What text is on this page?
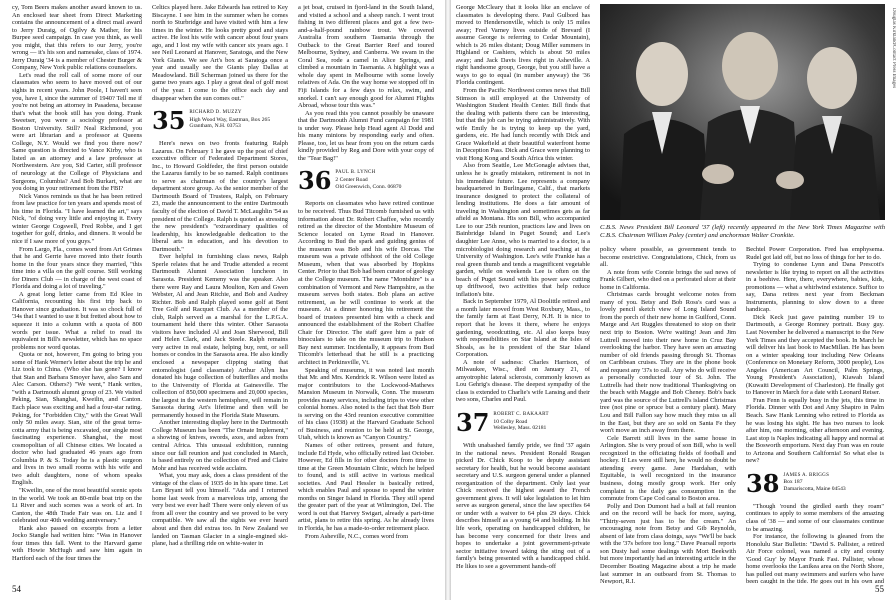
cy, Tom Beers makes another award known to us. An enclosed tear sheet from Direct Marketing contains the announcement of a direct mail award to Jerry Duraig, of Ogilvy & Mather, for his Burpee seed campaign. In case you think, as well you might, that this refers to our Jerry, you're wrong — it's his son and namesake, class of 1974. Jerry Duraig '34 is a member of Chester Burger & Company, New York public relations counselors.

Let's read the roll call of some more of our classmates who seem to have moved out of our sights in recent years. John Poole, I haven't seen you, have I, since the summer of 1940? Tell me if you're not being an attorney in Pasadena, because that's what the book still has you doing. Frank Sweetser, you were a sociology professor at Boston University. Still? Neal Richmond, you were art librarian and a professor at Queens College, N.Y. Would we find you there now? Same question is directed to Vance Kirby, who is listed as an attorney and a law professor at Northwestern. Are you, Sid Carter, still professor of neurology at the College of Physicians and Surgeons, Columbia? And Bob Burkart, what are you doing in your retirement from the FBI?

Nick Vanos reminds us that he has been retired from law practice for ten years and spends most of his time in Florida. "I have learned the art," says Nick, "of doing very little and enjoying it. Every winter George Cogswell, Fred Robbe, and I get together for golf, drinks, and dinners. It would be nice if I saw more of you guys."

From Largo, Fla., comes word from Art Grimes that he and Gerrie have moved into their fourth home in the four years since they married, "this time into a villa on the golf course. Still working for Diners Club — in charge of the west coast of Florida and doing a lot of traveling."

A great long letter came from Ed Klee in California, recounting his first trip back to Hanover since graduation. It was so chock full of '34s that I wanted to use it but fretted about how to squeeze it into a column with a quota of 800 words per issue. What a relief to read its equivalent in Bill's newsletter, which has no space problems nor word quotas.

Quota or not, however, I'm going to bring you some of Hank Werner's letter about the trip he and Liz took to China. (Who else has gone? I know that Stan and Barbara Smoyer have, also Sam and Alec Carson. Others?) "We went," Hank writes, "with a Dartmouth alumni group of 23. We visited Peking, Sian, Shanghai, Kweilin, and Canton. Each place was exciting and had a four-star rating. Peking, for "Forbidden City," with the Great Wall only 50 miles away. Sian, site of the great terra-cotta army that is being excavated, our single most fascinating experience. Shanghai, the most cosmopolitan of all Chinese cities. We located a doctor who had graduated 46 years ago from Columbia P. & S. Today he is a plastic surgeon and lives in two small rooms with his wife and two adult daughters, none of whom speaks English.

"Kweilin, one of the most beautiful scenic spots in the world. We took an 80-mile boat trip on the Li River and such scenes was a work of art. In Canton, the 48th Trade Fair was on. Liz and I celebrated our 40th wedding anniversary."

Hank also passed on excerpts from a letter Jocko Stangle had written him: "Was in Hanover four times this fall. Went to the Harvard game with Howie McHugh and saw him again in Hartford each of the four times the

Celtics played here. Jake Edwards has retired to Key Biscayne. I see him in the summer when he comes north to Sturbridge and have visited with him a few times in the winter. He looks pretty good and stays active. He lost his wife with cancer about four years ago, and I lost my wife with cancer six years ago. I see Neil Leonard at Hanover, Saratoga, and the New York Giants. We see Art's box at Saratoga once a year and usually see the Giants play Dallas at Meadowland. Bill Scherman joined us there for the game two years ago. I play a great deal of golf most of the year. I come to the office each day and disappear when the sun comes out."

35 RICHARD D. MUZZY
High Wood Way, Eastman, Box 265
Grantham, N.H. 03753

Here's news on two fronts featuring Ralph Lazarus. On February 1 he gave up the post of chief executive officer of Federated Department Stores, Inc., to Howard Goldfeder, the first person outside the Lazarus family to be so named. Ralph continues to serve as chairman of the country's largest department store group. As the senior member of the Dartmouth Board of Trustees, Ralph, on February 23, made the announcement to the entire Dartmouth faculty of the election of David T. McLaughlin '54 as president of the College. Ralph is quoted as stressing the new president's "extraordinary qualities of leadership, his knowledgeable dedication to the liberal arts in education, and his devotion to Dartmouth."

Ever helpful in furnishing class news, Ralph Sperle relates that he and Trudie attended a recent Dartmouth Alumni Association luncheon in Sarasota. President Kemeny was the speaker. Also there were Ray and Laura Moulton, Ken and Gwen Webster, Al and Jean Ritchie, and Bob and Audrey Richter. Bob and Ralph played some golf at Bent Tree Golf and Racquet Club. As a member of the club, Ralph served as a marshal for the L.P.G.A. tournament held there this winter. Other Sarasota visitors have included Al and Joan Sherwood, Bill and Helen Clark, and Jack Steele. Ralph remains very active in real estate, helping buy, rent, or sell homes or condos in the Sarasota area. He also kindly enclosed a newspaper clipping stating that entomologist (and classmate) Arthur Allyn has donated his huge collection of butterflies and moths to the University of Florida at Gainesville. The collection of 850,000 specimens and 20,000 species, the largest in the western hemisphere, will remain in Sarasota during Art's lifetime and then will be permanently housed in the Florida State Museum.

Another interesting display here in the Dartmouth College Museum has been "The Ornate Implement," a showing of knives, swords, axes, and adzes from central Africa. This unusual exhibition, running since our fall reunion and just concluded in March, is based entirely on the collection of Fred and Claire Mohr and has received wide acclaim.

What, you may ask, does a class president of the vintage of the class of 1935 do in his spare time. Let Len Bryant tell you himself. "Ada and I returned home last week from a marvelous trip, among the very best we ever had! There were only eleven of us from all over the country and we proved to be very compatible. We saw all the sights we ever heard about and then did extras too. In New Zealand we landed on Tasman Glacier in a single-engined ski-plane, had a thrilling ride on white-water in

a jet boat, cruised in fjord-land in the South Island, and visited a school and a sheep ranch. I went trout fishing in two different places and got a few two-and-a-half-pound rainbow trout. We covered Australia from southern Tasmania through the Outback to the Great Barrier Reef and toured Melbourne, Sydney, and Canberra. We swam in the Coral Sea, rode a camel in Alice Springs, and climbed a mountain in Tasmania. A highlight was a whole day spent in Melbourne with some lovely relatives of Ada. On the way home we stopped off in Fiji Islands for a few days to relax, swim, and snorkel. I can't say enough good for Alumni Flights Abroad, whose tour this was."

As you read this you cannot possibly be unaware that the Dartmouth Alumni Fund campaign for 1981 is under way. Please help Head agent Al Dodd and his many minions by responding early and often. Please, too, let us hear from you on the return cards kindly provided by Reg and Dore with your copy of the "Tear Bag!"

36 PAUL B. LYNCH
2 Center Road
Old Greenwich, Conn. 06870

Reports on classmates who have retired continue to be received. Thus Bud Titcomb furnished us with information about Dr. Robert Chaffee, who recently retired as the director of the Montshire Museum of Science located on Lyme Road in Hanover. According to Bud the spark and guiding genius of the museum was Bob and his wife Dorcas. The museum was a private offshoot of the old College Museum, when that was absorbed by Hopkins Center. Prior to that Bob had been curator of geology at the College museum. The name "Montshire" is a combination of Vermont and New Hampshire, as the museum serves both states. Bob plans an active retirement, as he will continue to work at the museum. At a dinner honoring his retirement the board of trustees presented him with a check and announced the establishment of the Robert Chaffee Chair for Director. The staff gave him a pair of binoculars to take on the museum trip to Hudson Bay next summer. Incidentally, it appears from Bud Titcomb's letterhead that he still is a practicing architect in Perkinsville, Vt.

Speaking of museums, it was noted last month that Mr. and Mrs. Kendrick R. Wilson were listed as major contributors to the Lockwood-Mathews Mansion Museum in Norwalk, Conn. The museum provides many services, including trips to view other colonial homes. Also noted is the fact that Bob Burr is serving on the 43rd reunion executive committee of his class (1938) at the Harvard Graduate School of Business, and reunion to be held at St. George, Utah, which is known as "Canyon Country."

Names of other retirees, present and future, include Ed Hyde, who officially retired last October. However, Ed fills in for other doctors from time to time at the Green Mountain Clinic, which he helped to found, and is still active in various medical societies. And Paul Hessler is basically retired, which enables Paul and spouse to spend the winter months on Singer Island in Florida. They still spend the greater part of the year at Wilmington, Del. The word is out that Harvey Swigart, already a part-time artist, plans to retire this spring. As he already lives in Florida, he has a made-to-order retirement place.

From Asheville, N.C., comes word from

54

George McCleary that it looks like an enclave of classmates is developing there. Paul Gulbord has moved to Hendersonville, which is only 15 miles away; Fred Varney lives outside of Brevard (I assume George is referring to Cedar Mountain), which is 26 miles distant; Doug Miller summers in Highland or Cashiers, which is about 50 miles away; and Jack Davis lives right in Asheville. A right handsome group, George, but you still have a ways to go to equal (in number anyway) the '36 Florida contingent.

From the Pacific Northwest comes news that Bill Stimson is still employed at the University of Washington Student Health Center. Bill finds that the dealing with patients there can be interesting, but that the job can be trying administratively. With wife Emily he is trying to keep up the yard, gardens, etc. He had lunch recently with Dick and Grace Wakefield at their beautiful waterfront home in Deception Pass. Dick and Grace were planning to visit Hong Kong and South Africa this winter.

Also from Seattle, Lee McGonagle advises that, unless he is greatly mistaken, retirement is not in his immediate future. Lee represents a company headquartered in Burlingame, Calif., that markets insurance designed to protect the collateral of lending institutions. He does a fair amount of traveling in Washington and sometimes gets as far afield as Montana. His son Bill, who accompanied Lee to our 25th reunion, practices law and lives on Bainbridge Island in Puget Sound; and Lee's daughter Lee Anne, who is married to a doctor, is a microbiologist doing research and teaching at the University of Washington. Lee's wife Frankie has a real green thumb and tends a magnificent vegetable garden, while on weekends Lee is often on the beach of Puget Sound with his power saw cutting up driftwood, two activities that help reduce inflation's bite.

Back in September 1979, Al Doolittle retired and a month later moved from West Roxbury, Mass., to the family farm at East Derry, N.H. It is nice to report that he loves it there, where he enjoys gardening, woodcutting, etc. Al also keeps busy with responsibilities on Star Island at the Isles of Shoals, as he is president of the Star Island Corporation.

A note of sadness: Charles Harrison, of Milwaukee, Wisc., died on January 21, of amyotrophic lateral sclerosis, commonly known as Lou Gehrig's disease. The deepest sympathy of the class is extended to Charlie's wife Lansing and their two sons, Charles and Paul.

37 ROBERT C. BAKAART
10 Colby Road
Wellesley, Mass. 02181

With unabashed family pride, we find '37 again in the national news. President Ronald Reagan picked Dr. Chick Koop to be deputy assistant secretary for health, but he would become assistant secretary and U.S. surgeon general under a planned reorganization of the department. Only last year Chick received the highest award the French government gives. It will take legislation to let him serve as surgeon general, since the law specifies 64 or under with a waiver to 64 plus 29 days. Chick describes himself as a young 64 and holding. In his life work, operating on handicapped children, he has become very concerned for their lives and hopes to undertake a joint government-private sector initiative toward taking the sting out of a family's being presented with a handicapped child. He likes to see a government hands-off

policy where possible, as government tends to become restrictive. Congratulations, Chick, from us all.

A note from wife Connie brings the sad news of Frank Gilbert, who died on a perforated ulcer at their home in California.

Christmas cards brought welcome notes from many of you. Betsy and Bob Ross's card was a lovely pencil sketch view of Long Island Sound from the porch of their new home in Guilford, Conn. Marge and Art Ruggles threatened to stop on their next trip to Boston. We're waiting! Jean and Jim Luttrell moved into their new home in Cruz Bay overlooking the harbor. They have seen an amazing number of old friends passing through St. Thomas on Caribbean cruises. They are in the phone book and request any '37s to call. Any who do will receive a personally conducted tour of St. John. The Luttrells had their now traditional Thanksgiving on the beach with Maggie and Bob Cheney. Bob's back yard was the source of the Luttrell's island Christmas tree (not pine or spruce but a century plant). Mary Lou and Bill Fallon say how much they miss us all in the East, but they are so sold on Santa Fe they won't move an inch away from there.

Cele Barrett still lives in the same house in Arlington. She is very proud of son Bill, who is well recognized in the officiating fields of football and hockey. If Les were still here, he would no doubt be attending every game. Jane Hardahan, with Equitable, is well recognized in the insurance business, doing mostly group work. Her only complaint is the daily gas consumption in the commute from Cape Cod canal to Boston area.

Polly and Don Dumont had a ball at fall reunion and on the record will be back for more, saying, "Thirty-seven just has to be the cream." An encouraging note from Betsy and Gib Reynolds, absent of late from class doings, says "We'll be back with the '37s before too long." Dave Pearsall reports son Dusty had some dealings with Mort Beekwith but more importantly had an interesting article in the December Boating Magazine about a trip he made last summer in an outboard from St. Thomas to Newport, R.I.

Bechtel Power Corporation. Fred has emphysema. Rudel got laid off, but no loss of things for her to do.

Trying to condense Lynn and Dana Prescott's newsletter is like trying to report on all the activities in a beehive. Here, there, everywhere, babies, kids, promotions — what a whirlwind existence. Suffice to say, Dana retires next year from Beckman Instruments, planning to slow down to a three handicap.

Dick Keck just gave painting number 19 to Dartmouth, a George Romney portrait. Busy guy. Last November he delivered a manuscript to the New York Times and they accepted the book. In March he will deliver his last book to MacMillan. He has been on a winter speaking tour including New Orleans (Conference on Monetary Reform, 3000 people), Los Angeles (American Art Council, Palm Springs, Young President's Association), Kiawah Island (Kuwaiti Development of Charleston). He finally got to Hanover in March for a date with Leonard Reiser.

Fran Fenn is equally busy in the jets, this time in Florida. Dinner with Dot and Amy Shapiro in Palm Beach. Saw Hank Lenning who retired to Florida as he was losing his sight. He has two nurses to look after him, one morning, other afternoon and evening. Last stop is Naples indicating all happy and normal at the Bosworth emporium. Next day Fran was en route to Arizona and Southern California! So what else is new?

38 JAMES A. BRIGGS
Box 187
Damariscotta, Maine 04543

"Though 'round the girdled earth they roam" continues to apply to some members of the amazing class of '38 — and some of our classmates continue to be amazing.

For instance, the following is gleaned from the Honolulu Star Bulletin: "David S. Pallister, a retired Air Force colonel, was named a city and county 'Good Guy' by Mayor Frank Fasi. Pallister, whose home overlooks the Lanikea area on the North Shore, has pulled out many swimmers and surfers who have been caught in the tide. He goes out in his own and

Douglas Kirkland/Contact Press Images
C.B.S. News President Bill Leonard '37 (left) recently appeared in the New York Times Magazine with C.B.S. Chairman William Paley (center) and anchorman Walter Cronkite.
55
